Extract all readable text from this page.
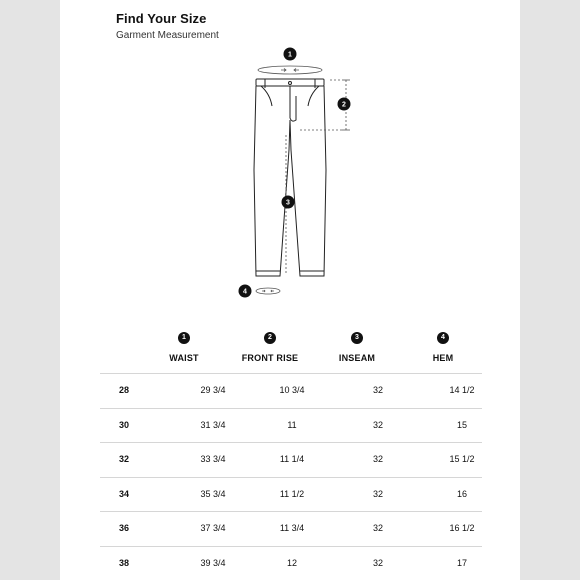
Find Your Size
Garment Measurement
1
2
3
4
1
WAIST
2
FRONT RISE
3
INSEAM
4
HEM
28	29 3/4	10 3/4	32	14 1/2
30	31 3/4	11	32	15
32	33 3/4	11 1/4	32	15 1/2
34	35 3/4	11 1/2	32	16
36	37 3/4	11 3/4	32	16 1/2
38	39 3/4	12	32	17
